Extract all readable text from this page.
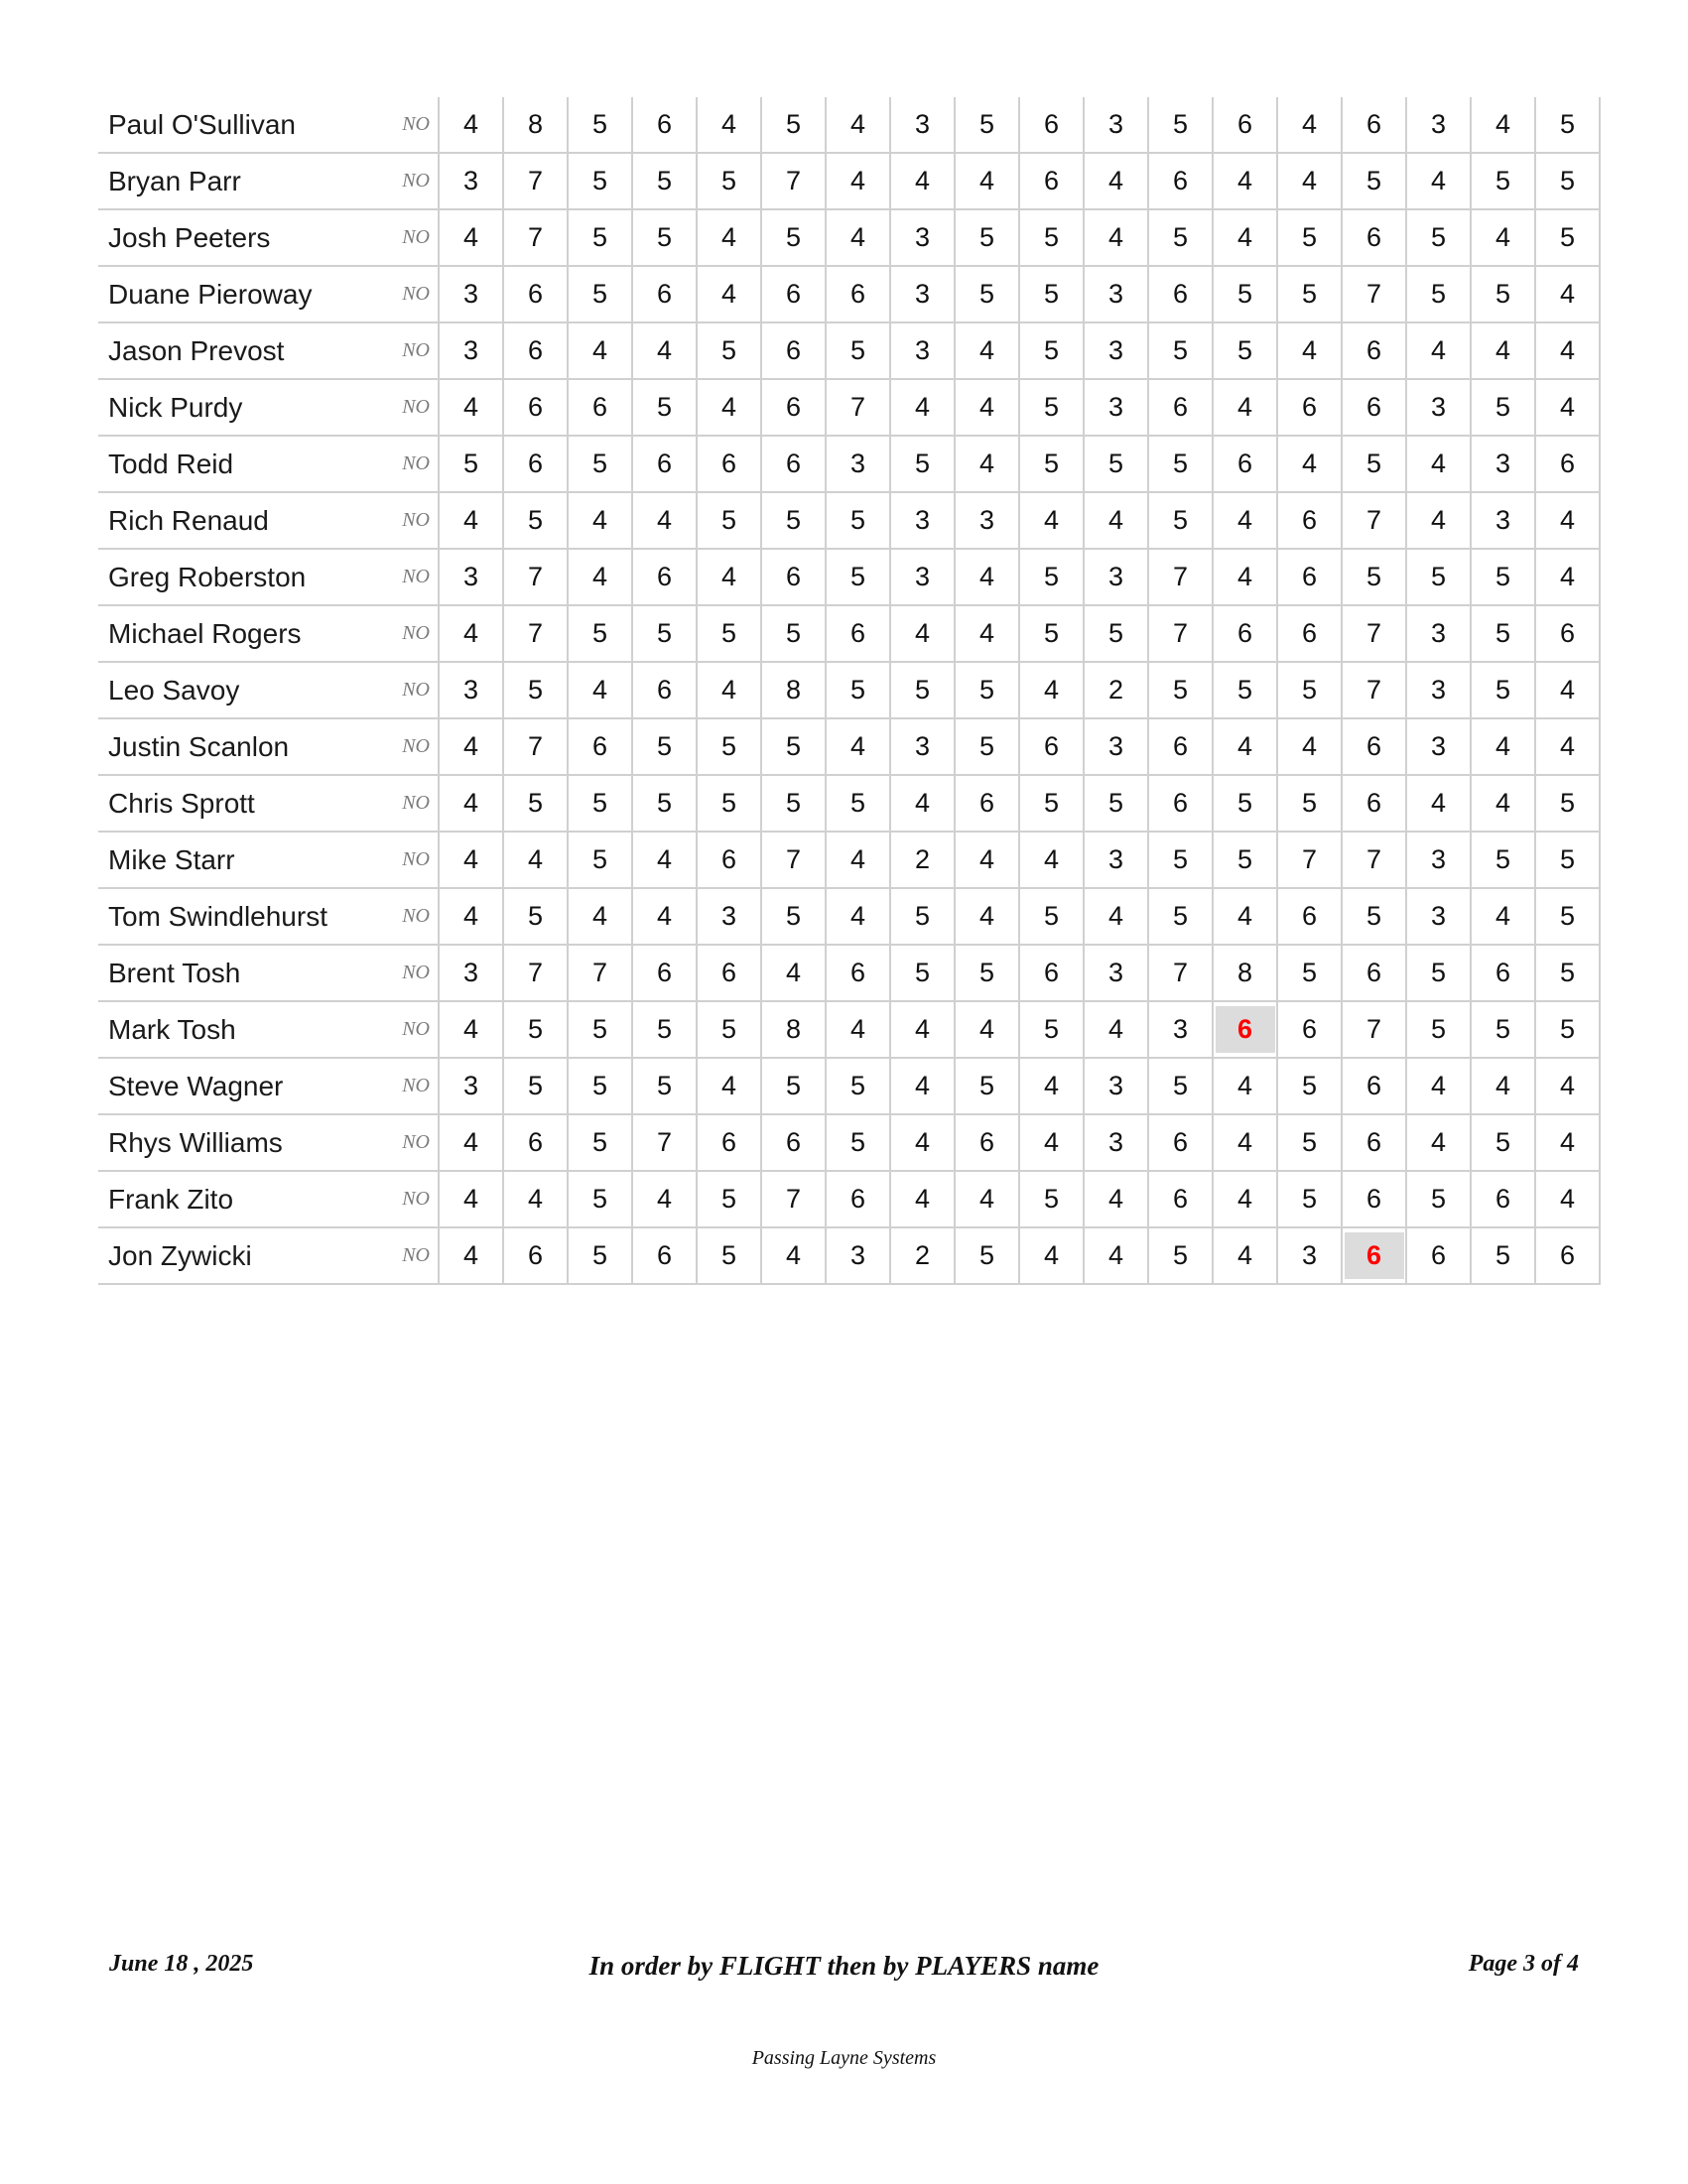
Paul O'Sullivan	NO	4	8	5	6	4	5	4	3	5	6	3	5	6	4	6	3	4	5
Bryan Parr	NO	3	7	5	5	5	7	4	4	4	6	4	6	4	4	5	4	5	5
Josh Peeters	NO	4	7	5	5	4	5	4	3	5	5	4	5	4	5	6	5	4	5
Duane Pieroway	NO	3	6	5	6	4	6	6	3	5	5	3	6	5	5	7	5	5	4
Jason Prevost	NO	3	6	4	4	5	6	5	3	4	5	3	5	5	4	6	4	4	4
Nick Purdy	NO	4	6	6	5	4	6	7	4	4	5	3	6	4	6	6	3	5	4
Todd Reid	NO	5	6	5	6	6	6	3	5	4	5	5	5	6	4	5	4	3	6
Rich Renaud	NO	4	5	4	4	5	5	5	3	3	4	4	5	4	6	7	4	3	4
Greg Roberston	NO	3	7	4	6	4	6	5	3	4	5	3	7	4	6	5	5	5	4
Michael Rogers	NO	4	7	5	5	5	5	6	4	4	5	5	7	6	6	7	3	5	6
Leo Savoy	NO	3	5	4	6	4	8	5	5	5	4	2	5	5	5	7	3	5	4
Justin Scanlon	NO	4	7	6	5	5	5	4	3	5	6	3	6	4	4	6	3	4	4
Chris Sprott	NO	4	5	5	5	5	5	5	4	6	5	5	6	5	5	6	4	4	5
Mike Starr	NO	4	4	5	4	6	7	4	2	4	4	3	5	5	7	7	3	5	5
Tom Swindlehurst	NO	4	5	4	4	3	5	4	5	4	5	4	5	4	6	5	3	4	5
Brent Tosh	NO	3	7	7	6	6	4	6	5	5	6	3	7	8	5	6	5	6	5
Mark Tosh	NO	4	5	5	5	5	8	4	4	4	5	4	3	6	6	7	5	5	5
Steve Wagner	NO	3	5	5	5	4	5	5	4	5	4	3	5	4	5	6	4	4	4
Rhys Williams	NO	4	6	5	7	6	6	5	4	6	4	3	6	4	5	6	4	5	4
Frank Zito	NO	4	4	5	4	5	7	6	4	4	5	4	6	4	5	6	5	6	4
Jon Zywicki	NO	4	6	5	6	5	4	3	2	5	4	4	5	4	3	6	6	5	6
June 18 , 2025	In order by FLIGHT then by PLAYERS name	Page 3 of 4
Passing Layne Systems
